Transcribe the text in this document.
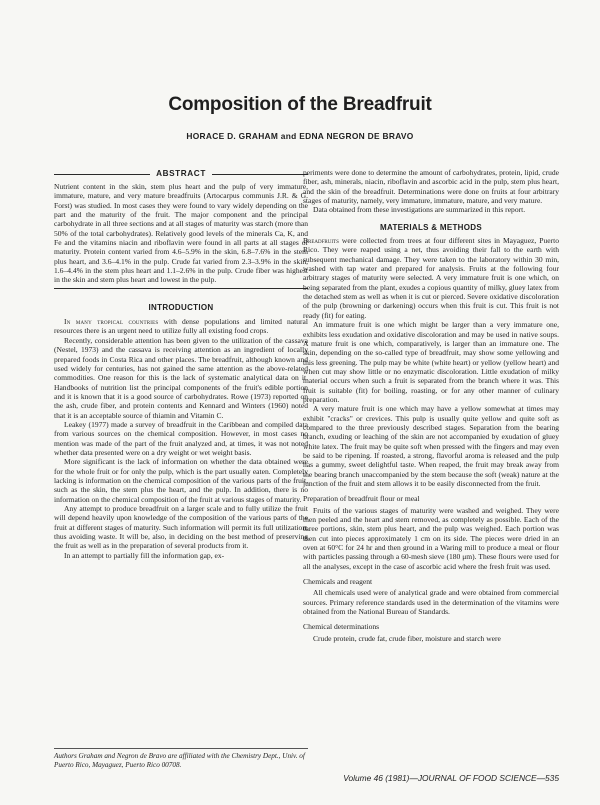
Composition of the Breadfruit
HORACE D. GRAHAM and EDNA NEGRON DE BRAVO
ABSTRACT

Nutrient content in the skin, stem plus heart and the pulp of very immature, immature, mature, and very mature breadfruits (Artocarpus communis J.R. & G. Forst) was studied. In most cases they were found to vary widely depending on the part and the maturity of the fruit. The major component and the principal carbohydrate in all three sections and at all stages of maturity was starch (more than 50% of the total carbohydrates). Relatively good levels of the minerals Ca, K, and Fe and the vitamins niacin and riboflavin were found in all parts at all stages of maturity. Protein content varied from 4.6–5.9% in the skin, 6.8–7.6% in the stem plus heart, and 3.6–4.1% in the pulp. Crude fat varied from 2.3–3.9% in the skin, 1.6–4.4% in the stem plus heart and 1.1–2.6% in the pulp. Crude fiber was highest in the skin and stem plus heart and lowest in the pulp.

INTRODUCTION

In many tropical countries with dense populations and limited natural resources there is an urgent need to utilize fully all existing food crops.

Recently, considerable attention has been given to the utilization of the cassava (Nestel, 1973) and the cassava is receiving attention as an ingredient of locally prepared foods in Costa Rica and other places. The breadfruit, although known and used widely for centuries, has not gained the same attention as the above-related commodities. One reason for this is the lack of systematic analytical data on it. Handbooks of nutrition list the principal components of the fruit's edible portion and it is known that it is a good source of carbohydrates. Rowe (1973) reported on the ash, crude fiber, and protein contents and Kennard and Winters (1960) noted that it is an acceptable source of thiamin and Vitamin C.

Leakey (1977) made a survey of breadfruit in the Caribbean and compiled data from various sources on the chemical composition. However, in most cases no mention was made of the part of the fruit analyzed and, at times, it was not noted whether data presented were on a dry weight or wet weight basis.

More significant is the lack of information on whether the data obtained were for the whole fruit or for only the pulp, which is the part usually eaten. Completely lacking is information on the chemical composition of the various parts of the fruit, such as the skin, the stem plus the heart, and the pulp. In addition, there is no information on the chemical composition of the fruit at various stages of maturity.

Any attempt to produce breadfruit on a larger scale and to fully utilize the fruit will depend heavily upon knowledge of the composition of the various parts of the fruit at different stages of maturity. Such information will permit its full utilization, thus avoiding waste. It will be, also, in deciding on the best method of preserving the fruit as well as in the preparation of several products from it.

In an attempt to partially fill the information gap, ex-

Authors Graham and Negron de Bravo are affiliated with the Chemistry Dept., Univ. of Puerto Rico, Mayaguez, Puerto Rico 00708.

periments were done to determine the amount of carbohydrates, protein, lipid, crude fiber, ash, minerals, niacin, riboflavin and ascorbic acid in the pulp, stem plus heart, and the skin of the breadfruit. Determinations were done on fruits at four arbitrary stages of maturity, namely, very immature, immature, mature, and very mature.

Data obtained from these investigations are summarized in this report.

MATERIALS & METHODS

Breadfruits were collected from trees at four different sites in Mayaguez, Puerto Rico. They were reaped using a net, thus avoiding their fall to the earth with subsequent mechanical damage. They were taken to the laboratory within 30 min, washed with tap water and prepared for analysis. Fruits at the following four arbitrary stages of maturity were selected. A very immature fruit is one which, on being separated from the plant, exudes a copious quantity of milky, gluey latex from the detached stem as well as when it is cut or pierced. Severe oxidative discoloration of the pulp (browning or darkening) occurs when this fruit is cut. This fruit is not ready (fit) for eating.

An immature fruit is one which might be larger than a very immature one, exhibits less exudation and oxidative discoloration and may be used in native soups. A mature fruit is one which, comparatively, is larger than an immature one. The skin, depending on the so-called type of breadfruit, may show some yellowing and this less greening. The pulp may be white (white heart) or yellow (yellow heart) and when cut may show little or no enzymatic discoloration. Little exudation of milky material occurs when such a fruit is separated from the branch where it was. This fruit is suitable (fit) for boiling, roasting, or for any other manner of culinary preparation.

A very mature fruit is one which may have a yellow somewhat at times may exhibit "cracks" or crevices. This pulp is usually quite yellow and quite soft as compared to the three previously described stages. Separation from the bearing branch, exuding or leaching of the skin are not accompanied by exudation of gluey white latex. The fruit may be quite soft when pressed with the fingers and may even be said to be ripening. If roasted, a strong, flavorful aroma is released and the pulp has a gummy, sweet delightful taste. When reaped, the fruit may break away from the bearing branch unaccompanied by the stem because the soft (weak) nature at the junction of the fruit and stem allows it to be easily disconnected from the fruit.

Preparation of breadfruit flour or meal

Fruits of the various stages of maturity were washed and weighed. They were then peeled and the heart and stem removed, as completely as possible. Each of the three portions, skin, stem plus heart, and the pulp was weighed. Each portion was then cut into pieces approximately 1 cm on its side. The pieces were dried in an oven at 60°C for 24 hr and then ground in a Waring mill to produce a meal or flour with particles passing through a 60-mesh sieve (180 μm). These flours were used for all the analyses, except in the case of ascorbic acid where the fresh fruit was used.

Chemicals and reagent

All chemicals used were of analytical grade and were obtained from commercial sources. Primary reference standards used in the determination of the vitamins were obtained from the National Bureau of Standards.

Chemical determinations

Crude protein, crude fat, crude fiber, moisture and starch were

Volume 46 (1981)—JOURNAL OF FOOD SCIENCE—535
